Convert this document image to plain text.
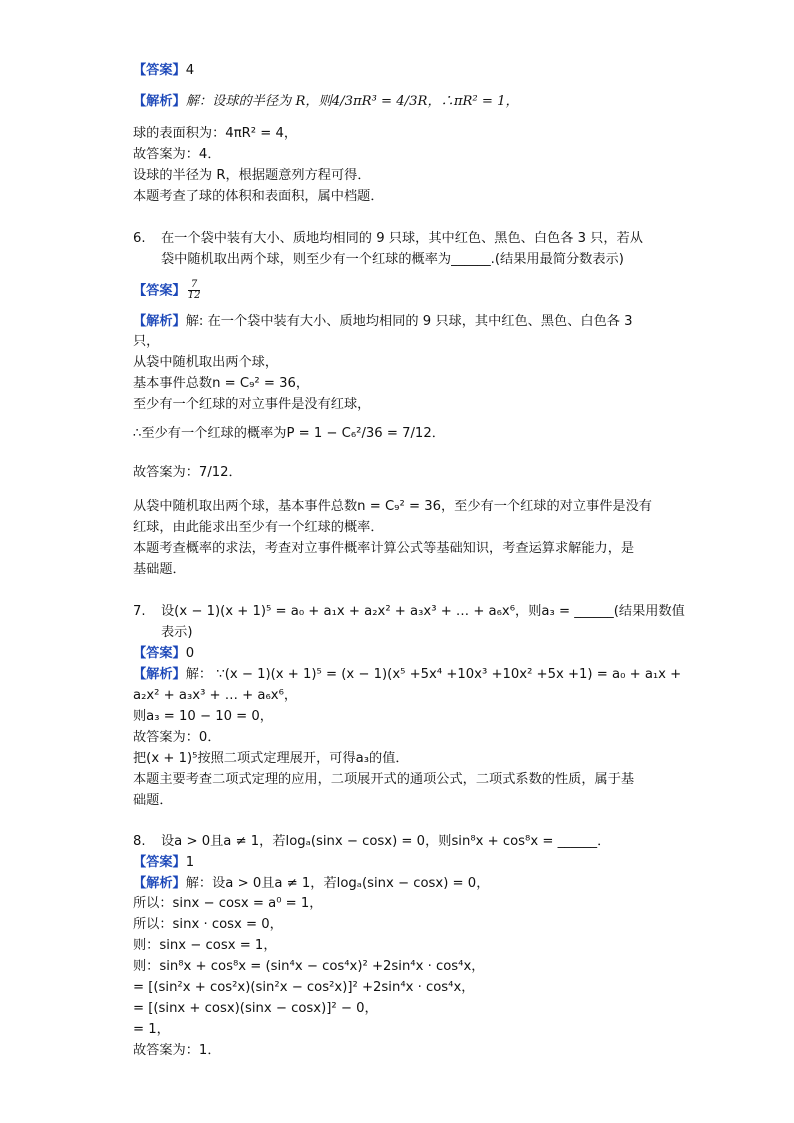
【答案】4
【解析】解：设球的半径为 R，则4/3πR³ = 4/3R，∴πR² = 1，
球的表面积为：4πR² = 4，
故答案为：4．
设球的半径为 R，根据题意列方程可得．
本题考查了球的体积和表面积，属中档题．
6. 在一个袋中装有大小、质地均相同的 9 只球，其中红色、黑色、白色各 3 只，若从
袋中随机取出两个球，则至少有一个红球的概率为______.(结果用最简分数表示)
【答案】 $\frac{7}{12}$
【解析】解: 在一个袋中装有大小、质地均相同的 9 只球，其中红色、黑色、白色各 3
只，
从袋中随机取出两个球，
基本事件总数n = C₉² = 36，
至少有一个红球的对立事件是没有红球，
∴至少有一个红球的概率为P = 1 − C₆²/36 = 7/12．
故答案为：7/12．
从袋中随机取出两个球，基本事件总数n = C₉² = 36，至少有一个红球的对立事件是没有
红球，由此能求出至少有一个红球的概率．
本题考查概率的求法，考查对立事件概率计算公式等基础知识，考查运算求解能力，是
基础题．
7. 设(x − 1)(x + 1)⁵ = a₀ + a₁x + a₂x² + a₃x³ + … + a₆x⁶，则a₃ = ______(结果用数值
表示)
【答案】0
【解析】解： ∵(x − 1)(x + 1)⁵ = (x − 1)(x⁵ +5x⁴ +10x³ +10x² +5x +1) = a₀ + a₁x +
a₂x² + a₃x³ + … + a₆x⁶，
则a₃ = 10 − 10 = 0，
故答案为：0．
把(x + 1)⁵按照二项式定理展开，可得a₃的值．
本题主要考查二项式定理的应用，二项展开式的通项公式，二项式系数的性质，属于基
础题．
8. 设a > 0且a ≠ 1，若logₐ(sinx − cosx) = 0，则sin⁸x + cos⁸x = ______．
【答案】1
【解析】解：设a > 0且a ≠ 1，若logₐ(sinx − cosx) = 0，
所以：sinx − cosx = a⁰ = 1，
所以：sinx · cosx = 0，
则：sinx − cosx = 1，
则：sin⁸x + cos⁸x = (sin⁴x − cos⁴x)² +2sin⁴x · cos⁴x，
= [(sin²x + cos²x)(sin²x − cos²x)]² +2sin⁴x · cos⁴x，
= [(sinx + cosx)(sinx − cosx)]² − 0，
= 1，
故答案为：1．
